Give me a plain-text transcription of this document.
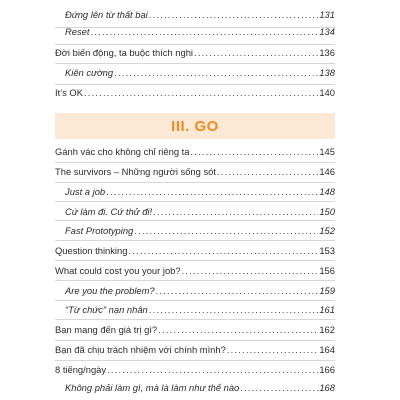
Đứng lên từ thất bại .....	131
Reset .....	134
Đời biến động, ta buộc thích nghi .....	136
Kiên cường .....	138
It’s OK .....	140
III. GO
Gánh vác cho không chỉ riêng ta .....	145
The survivors – Những người sống sót .....	146
Just a job .....	148
Cứ làm đi. Cứ thử đi! .....	150
Fast Prototyping .....	152
Question thinking .....	153
What could cost you your job? .....	156
Are you the problem? .....	159
“Từ chức” nạn nhân .....	161
Bạn mang đến giá trị gì? .....	162
Bạn đã chịu trách nhiệm với chính mình? .....	164
8 tiếng/ngày .....	166
Không phải làm gì, mà là làm như thế nào .....	168
